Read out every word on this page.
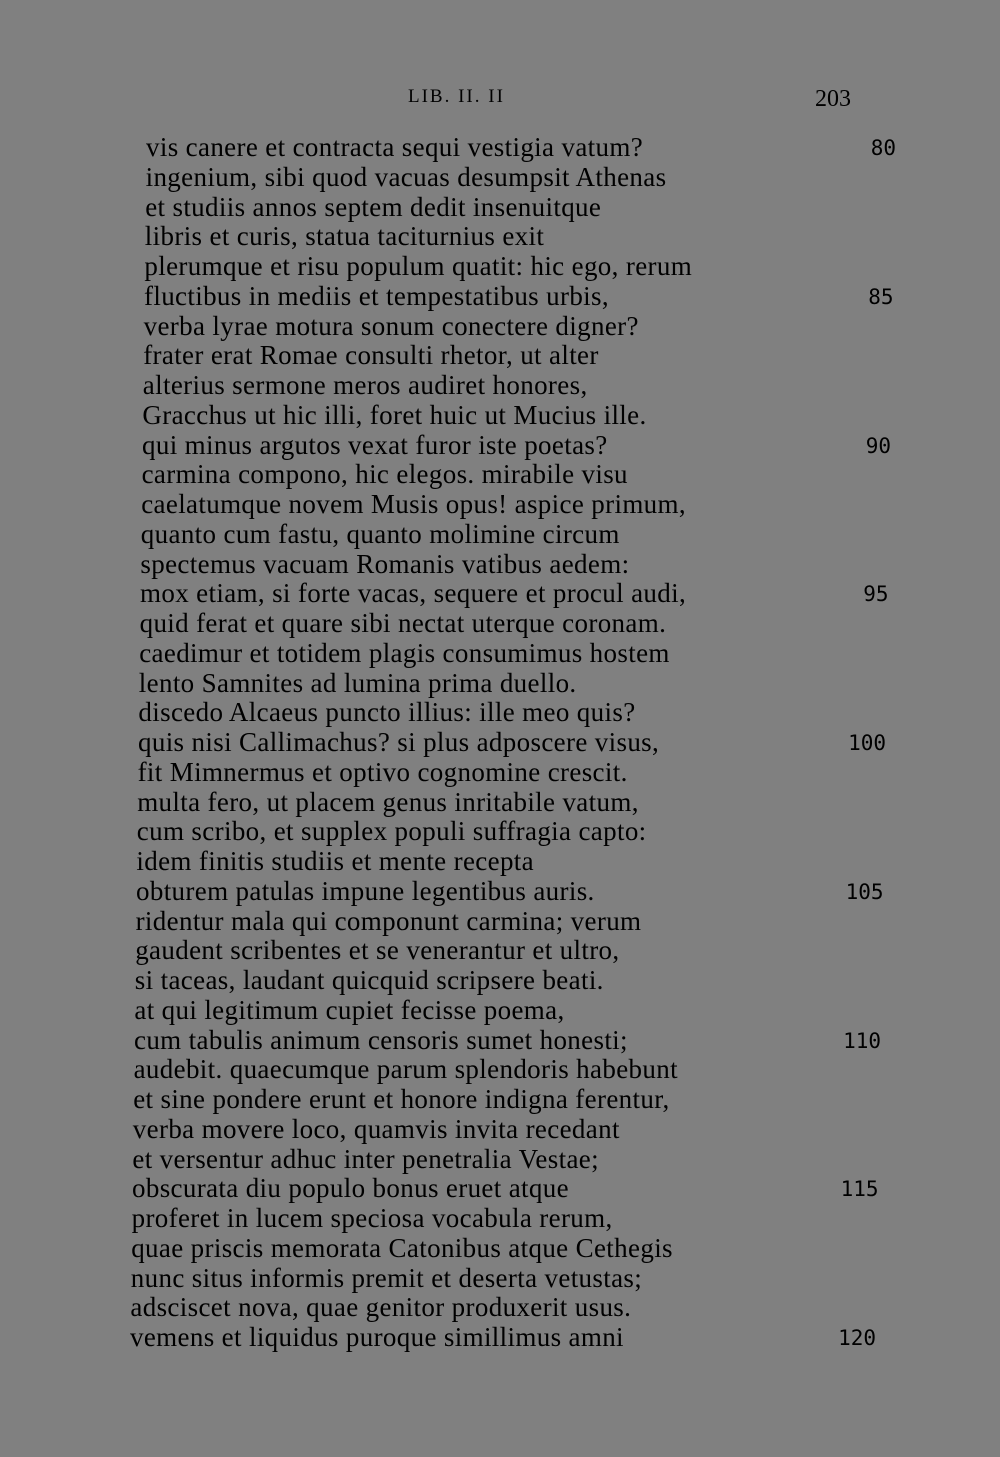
LIB. II. II	203
vis canere et contracta sequi vestigia vatum?	80
ingenium, sibi quod vacuas desumpsit Athenas
et studiis annos septem dedit insenuitque
libris et curis, statua taciturnius exit
plerumque et risu populum quatit: hic ego, rerum
fluctibus in mediis et tempestatibus urbis,	85
verba lyrae motura sonum conectere digner?
frater erat Romae consulti rhetor, ut alter
alterius sermone meros audiret honores,
Gracchus ut hic illi, foret huic ut Mucius ille.
qui minus argutos vexat furor iste poetas?	90
carmina compono, hic elegos. mirabile visu
caelatumque novem Musis opus! aspice primum,
quanto cum fastu, quanto molimine circum
spectemus vacuam Romanis vatibus aedem:
mox etiam, si forte vacas, sequere et procul audi,	95
quid ferat et quare sibi nectat uterque coronam.
caedimur et totidem plagis consumimus hostem
lento Samnites ad lumina prima duello.
discedo Alcaeus puncto illius: ille meo quis?
quis nisi Callimachus? si plus adposcere visus,	100
fit Mimnermus et optivo cognomine crescit.
multa fero, ut placem genus inritabile vatum,
cum scribo, et supplex populi suffragia capto:
idem finitis studiis et mente recepta
obturem patulas impune legentibus auris.	105
ridentur mala qui componunt carmina; verum
gaudent scribentes et se venerantur et ultro,
si taceas, laudant quicquid scripsere beati.
at qui legitimum cupiet fecisse poema,
cum tabulis animum censoris sumet honesti;	110
audebit. quaecumque parum splendoris habebunt
et sine pondere erunt et honore indigna ferentur,
verba movere loco, quamvis invita recedant
et versentur adhuc inter penetralia Vestae;
obscurata diu populo bonus eruet atque	115
proferet in lucem speciosa vocabula rerum,
quae priscis memorata Catonibus atque Cethegis
nunc situs informis premit et deserta vetustas;
adsciscet nova, quae genitor produxerit usus.
vemens et liquidus puroque simillimus amni	120
